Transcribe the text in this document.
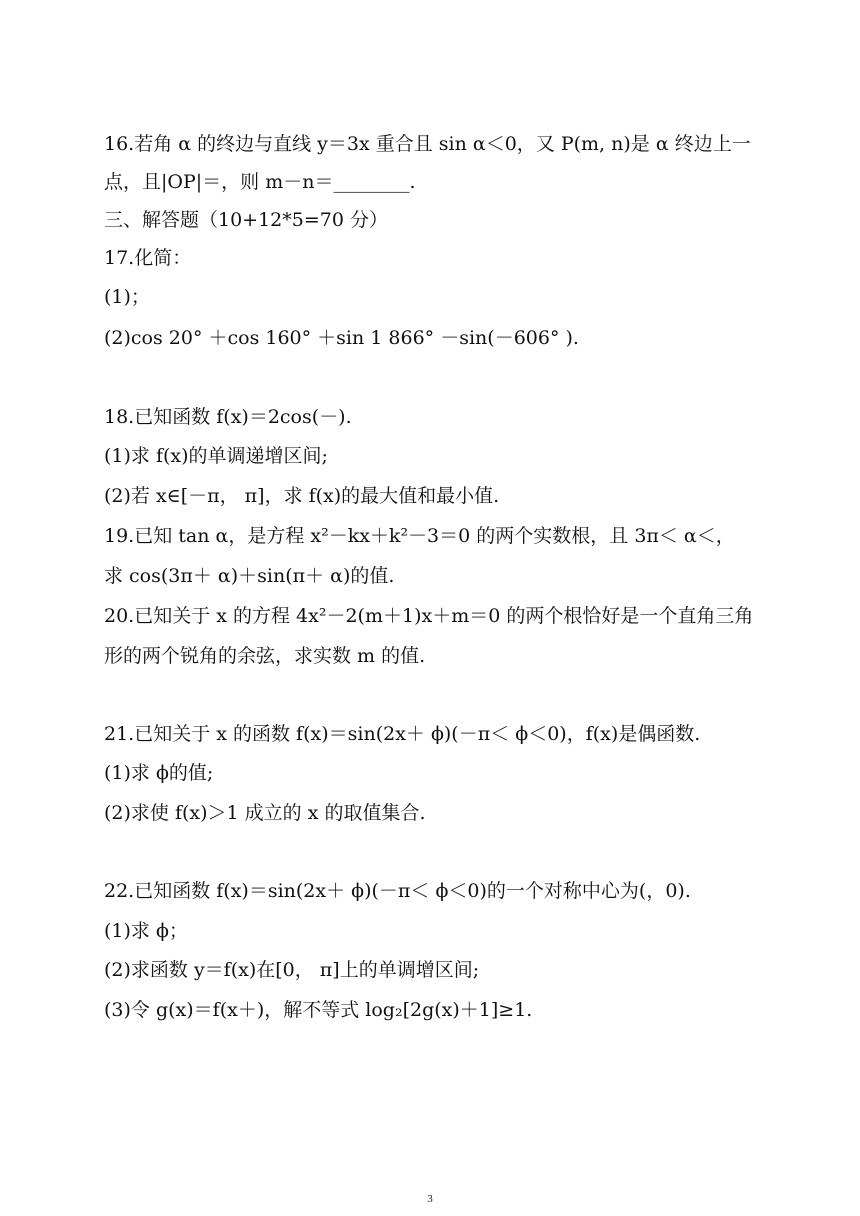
16.若角 α 的终边与直线 y＝3x 重合且 sin α＜0，又 P(m, n)是 α 终边上一
点，且|OP|＝，则 m－n＝________.
三、解答题（10+12*5=70 分）
17.化简：
(1)；
(2)cos 20° ＋cos 160° ＋sin 1 866° －sin(－606° ).
18.已知函数 f(x)＝2cos(－).
(1)求 f(x)的单调递增区间;
(2)若 x∈[－π， π]，求 f(x)的最大值和最小值.
19.已知 tan α，是方程 x²－kx＋k²－3＝0 的两个实数根，且 3π＜ α＜，
求 cos(3π＋ α)＋sin(π＋ α)的值.
20.已知关于 x 的方程 4x²－2(m＋1)x＋m＝0 的两个根恰好是一个直角三角
形的两个锐角的余弦，求实数 m 的值.
21.已知关于 x 的函数 f(x)＝sin(2x＋ ϕ)(－π＜ ϕ＜0)，f(x)是偶函数.
(1)求 ϕ的值;
(2)求使 f(x)＞1 成立的 x 的取值集合.
22.已知函数 f(x)＝sin(2x＋ ϕ)(－π＜ ϕ＜0)的一个对称中心为(，0).
(1)求 ϕ；
(2)求函数 y＝f(x)在[0， π]上的单调增区间;
(3)令 g(x)＝f(x＋)，解不等式 log₂[2g(x)＋1]≥1.
3
